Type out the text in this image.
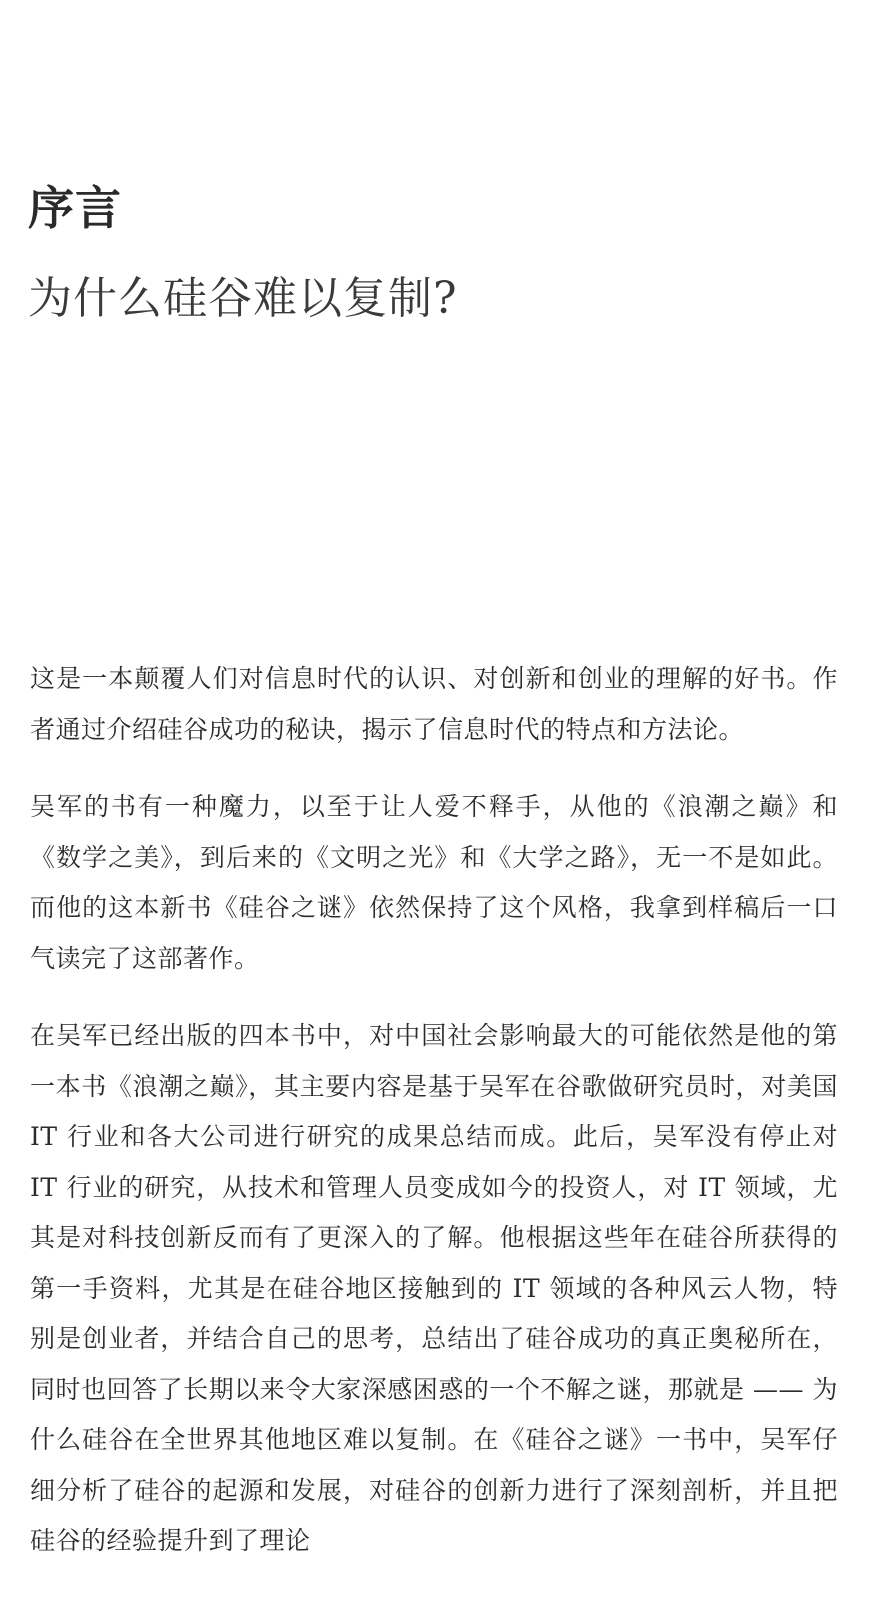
序言
为什么硅谷难以复制?

这是一本颠覆人们对信息时代的认识、对创新和创业的理解的好书。作者通过介绍硅谷成功的秘诀，揭示了信息时代的特点和方法论。

吴军的书有一种魔力，以至于让人爱不释手，从他的《浪潮之巅》和《数学之美》，到后来的《文明之光》和《大学之路》，无一不是如此。而他的这本新书《硅谷之谜》依然保持了这个风格，我拿到样稿后一口气读完了这部著作。

在吴军已经出版的四本书中，对中国社会影响最大的可能依然是他的第一本书《浪潮之巅》，其主要内容是基于吴军在谷歌做研究员时，对美国 IT 行业和各大公司进行研究的成果总结而成。此后，吴军没有停止对 IT 行业的研究，从技术和管理人员变成如今的投资人，对 IT 领域，尤其是对科技创新反而有了更深入的了解。他根据这些年在硅谷所获得的第一手资料，尤其是在硅谷地区接触到的 IT 领域的各种风云人物，特别是创业者，并结合自己的思考，总结出了硅谷成功的真正奥秘所在，同时也回答了长期以来令大家深感困惑的一个不解之谜，那就是 —— 为什么硅谷在全世界其他地区难以复制。在《硅谷之谜》一书中，吴军仔细分析了硅谷的起源和发展，对硅谷的创新力进行了深刻剖析，并且把硅谷的经验提升到了理论
